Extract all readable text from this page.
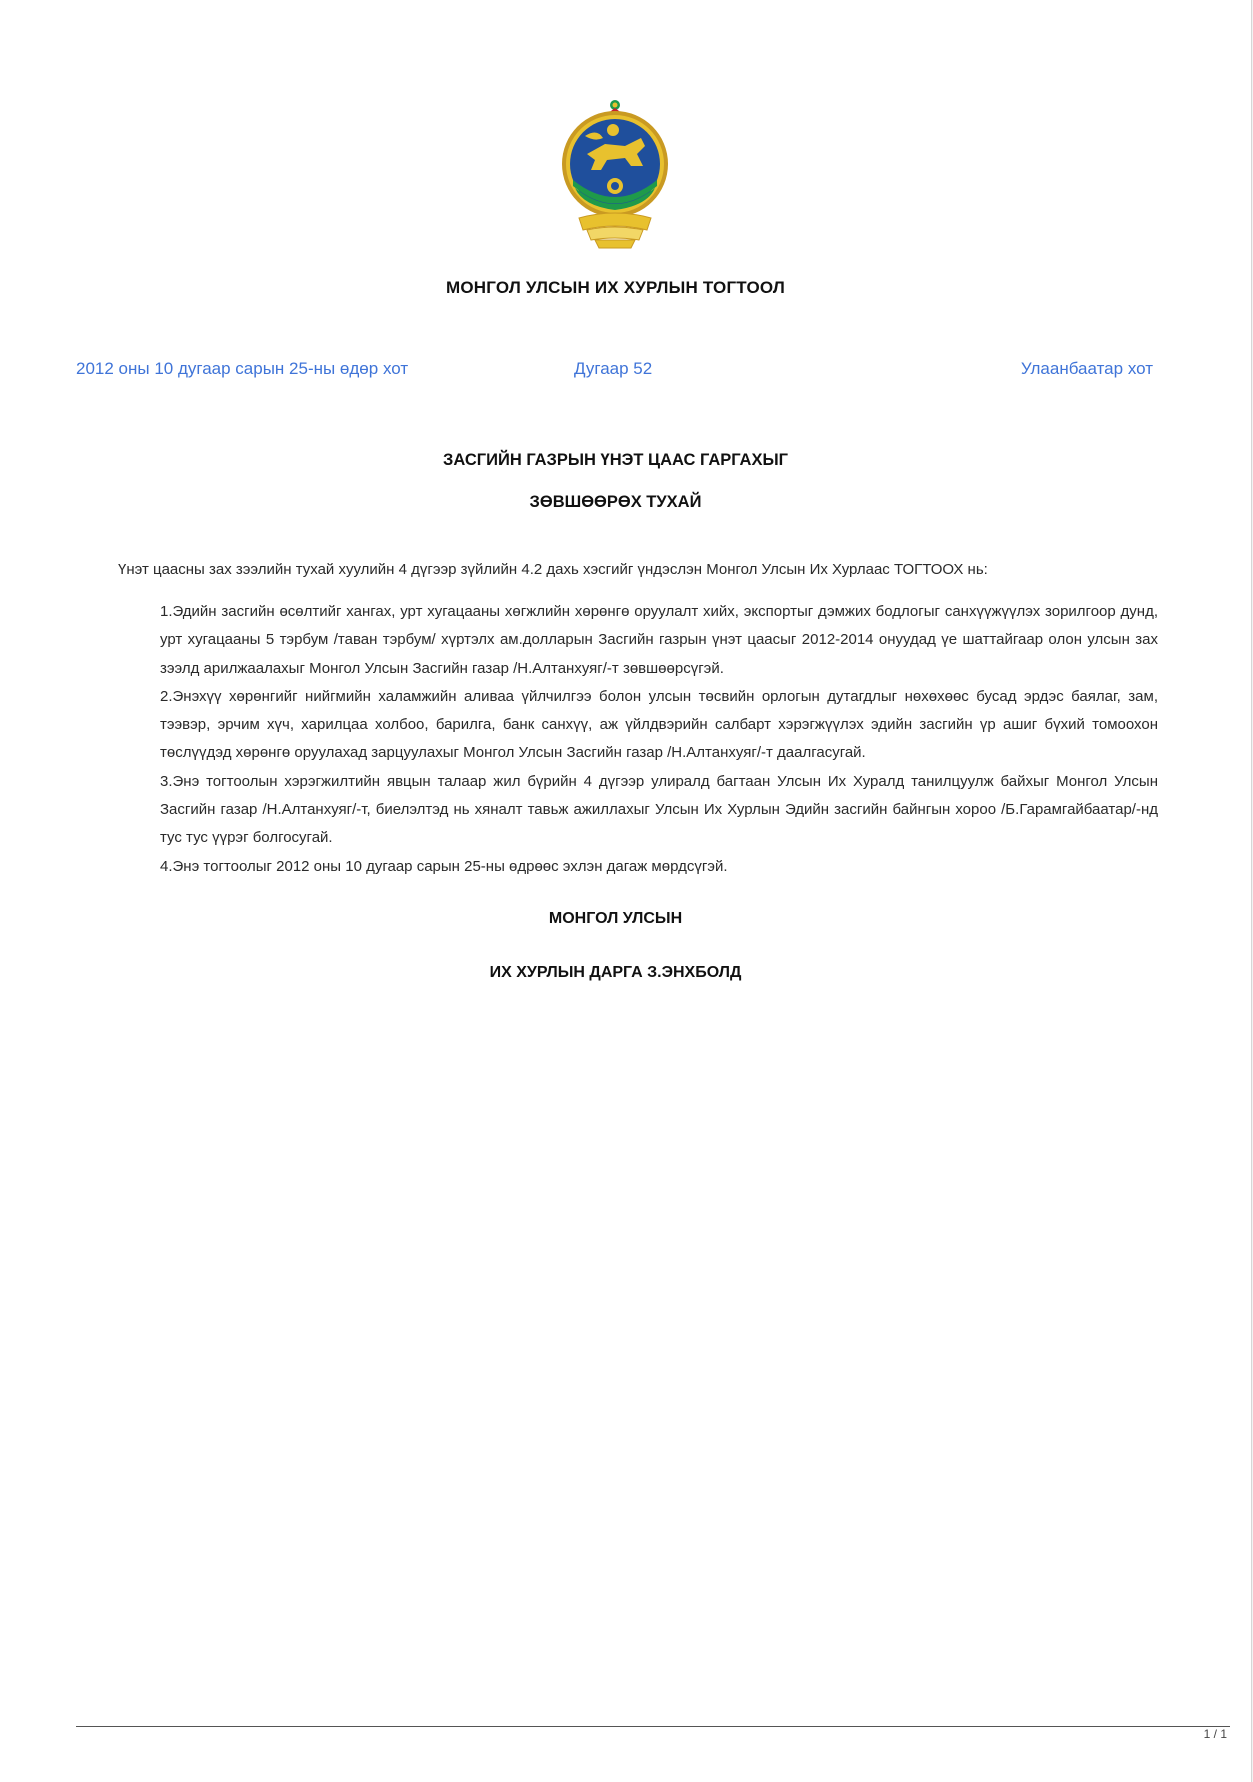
МОНГОЛ УЛСЫН ИХ ХУРЛЫН ТОГТООЛ
2012 оны 10 дугаар сарын 25-ны өдөр хот	Дугаар 52	Улаанбаатар хот
ЗАСГИЙН ГАЗРЫН ҮНЭТ ЦААС ГАРГАХЫГ
ЗӨВШӨӨРӨХ ТУХАЙ
Үнэт цаасны зах зээлийн тухай хуулийн 4 дүгээр зүйлийн 4.2 дахь хэсгийг үндэслэн Монгол Улсын Их Хурлаас ТОГТООХ нь:

1.Эдийн засгийн өсөлтийг хангах, урт хугацааны хөгжлийн хөрөнгө оруулалт хийх, экспортыг дэмжих бодлогыг санхүүжүүлэх зорилгоор дунд, урт хугацааны 5 тэрбум /таван тэрбум/ хүртэлх ам.долларын Засгийн газрын үнэт цаасыг 2012-2014 онуудад үе шаттайгаар олон улсын зах зээлд арилжаалахыг Монгол Улсын Засгийн газар /Н.Алтанхуяг/-т зөвшөөрсүгэй.

2.Энэхүү хөрөнгийг нийгмийн халамжийн аливаа үйлчилгээ болон улсын төсвийн орлогын дутагдлыг нөхөхөөс бусад эрдэс баялаг, зам, тээвэр, эрчим хүч, харилцаа холбоо, барилга, банк санхүү, аж үйлдвэрийн салбарт хэрэгжүүлэх эдийн засгийн үр ашиг бүхий томоохон төслүүдэд хөрөнгө оруулахад зарцуулахыг Монгол Улсын Засгийн газар /Н.Алтанхуяг/-т даалгасугай.

3.Энэ тогтоолын хэрэгжилтийн явцын талаар жил бүрийн 4 дүгээр улиралд багтаан Улсын Их Хуралд танилцуулж байхыг Монгол Улсын Засгийн газар /Н.Алтанхуяг/-т, биелэлтэд нь хяналт тавьж ажиллахыг Улсын Их Хурлын Эдийн засгийн байнгын хороо /Б.Гарамгайбаатар/-нд тус тус үүрэг болгосугай.

4.Энэ тогтоолыг 2012 оны 10 дугаар сарын 25-ны өдрөөс эхлэн дагаж мөрдсүгэй.

МОНГОЛ УЛСЫН
ИХ ХУРЛЫН ДАРГА З.ЭНХБОЛД
1 / 1
